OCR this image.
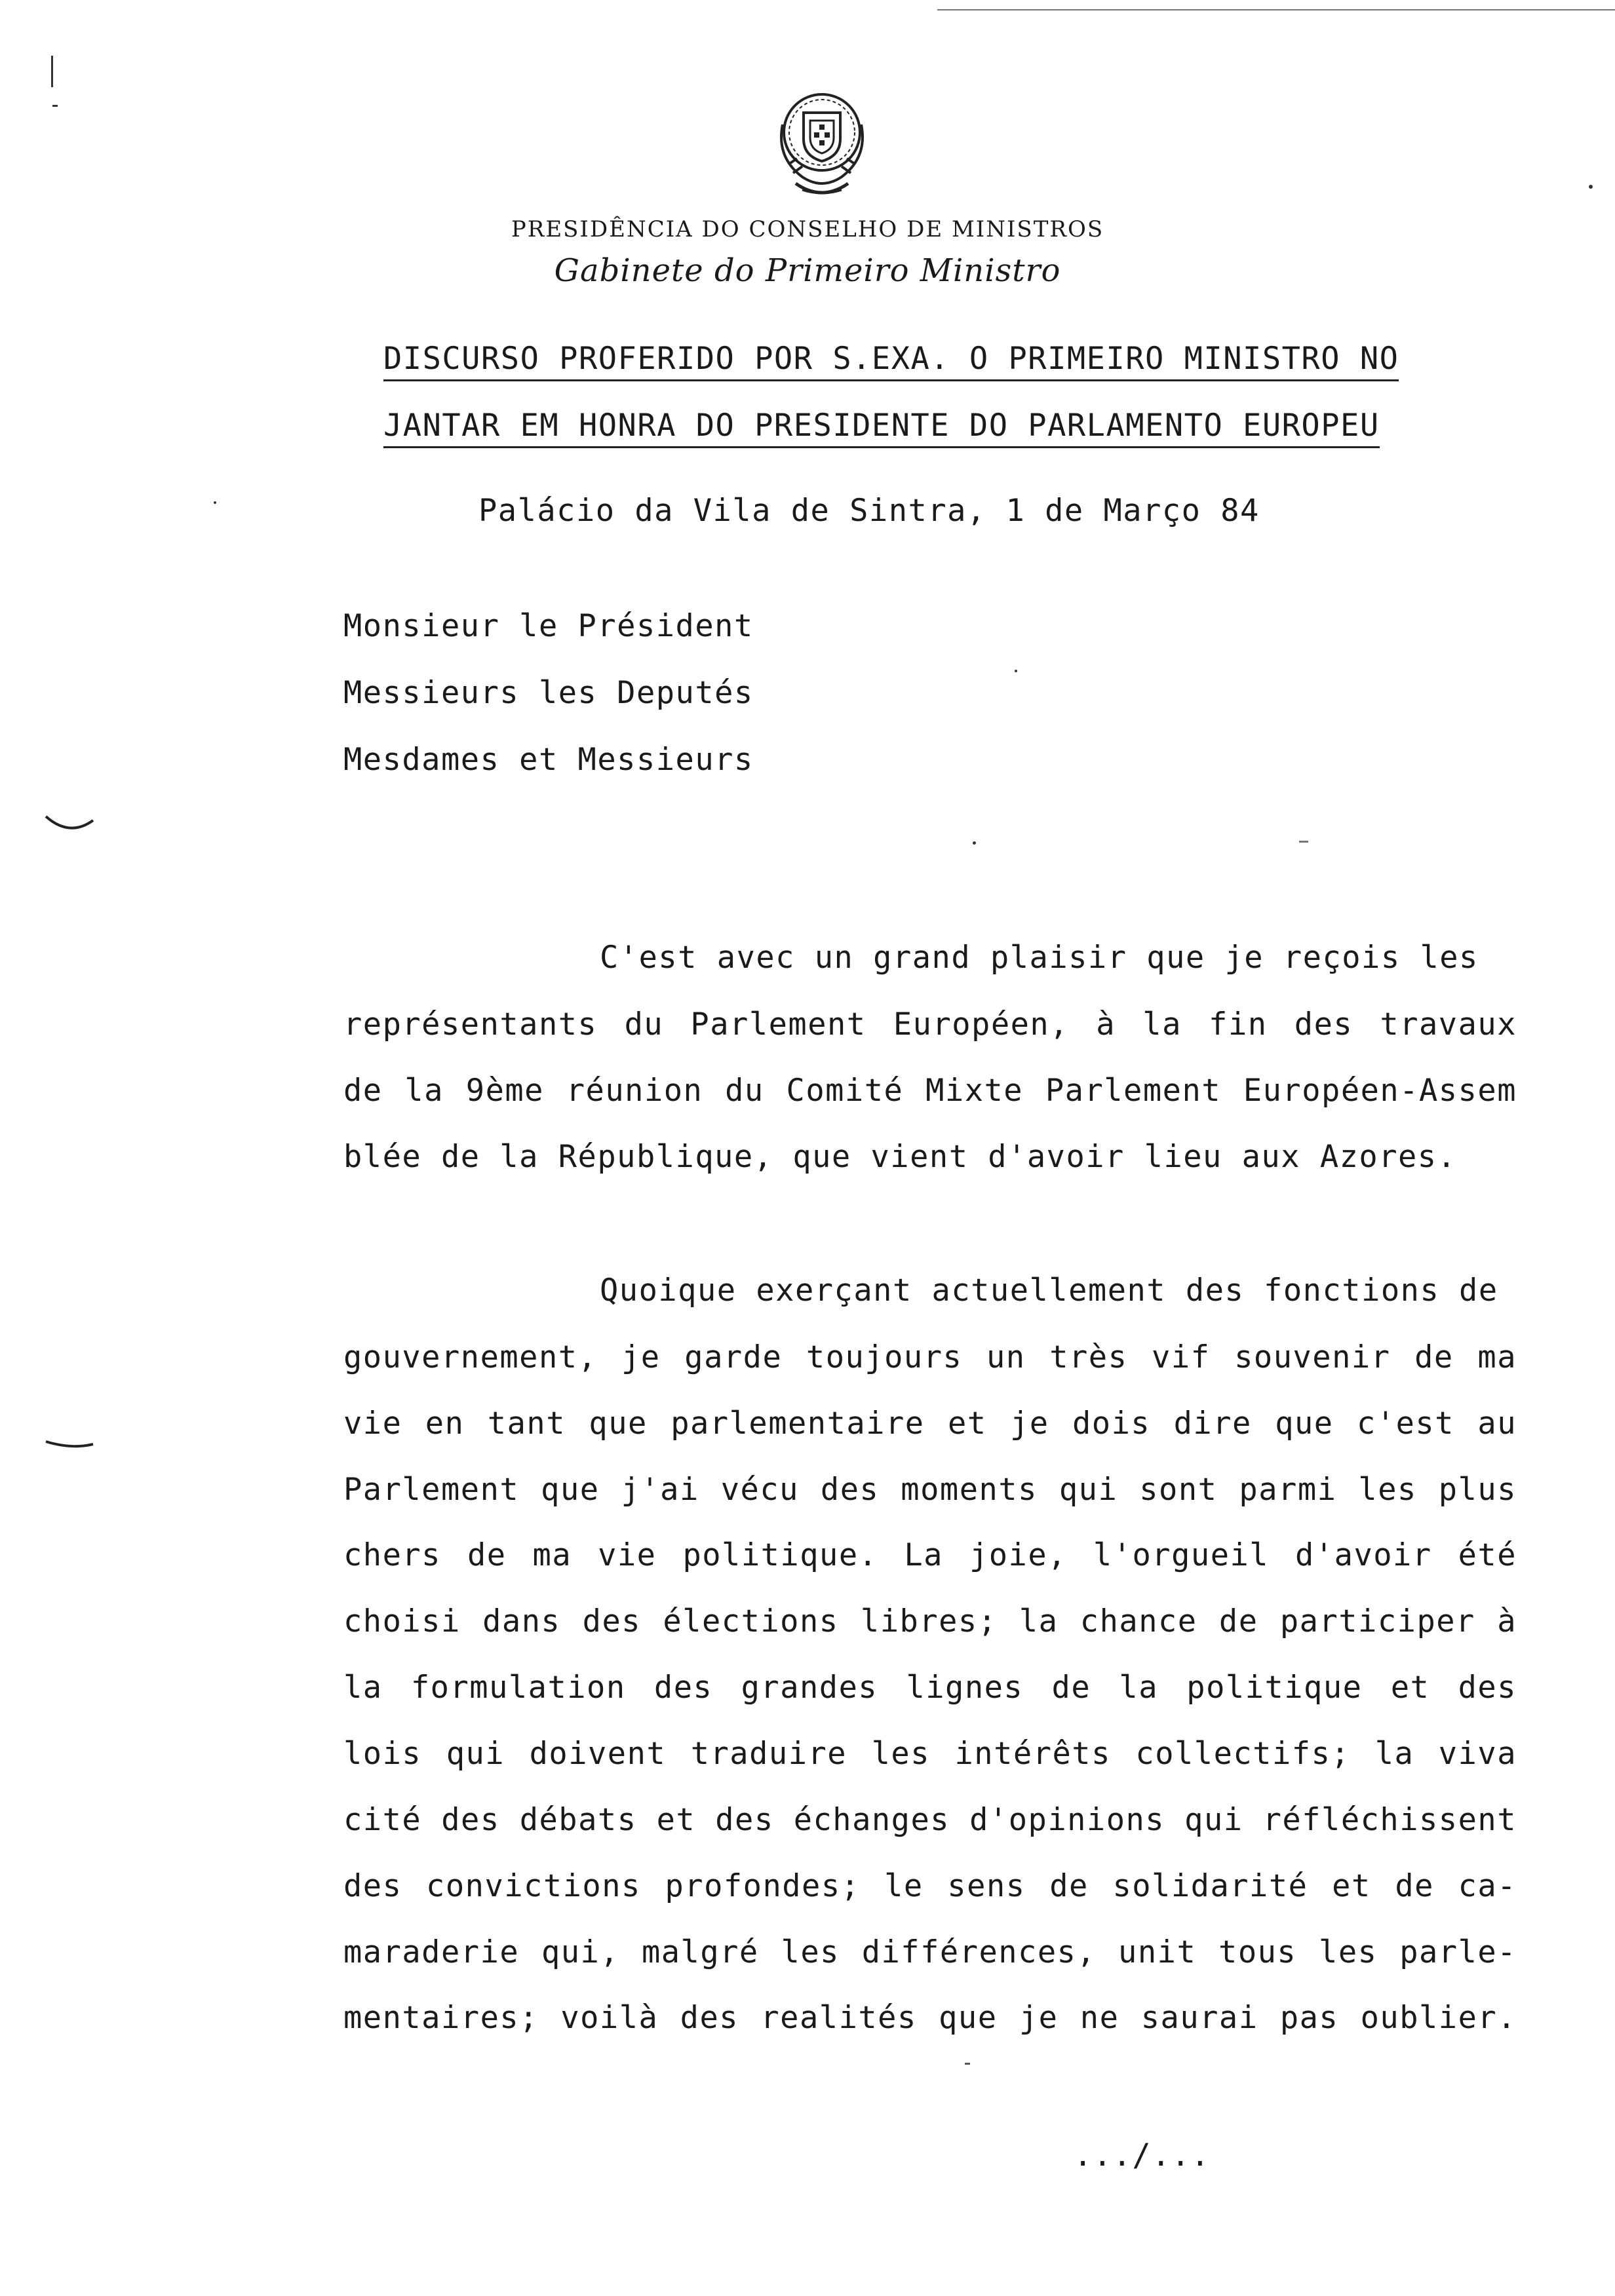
PRESIDÊNCIA DO CONSELHO DE MINISTROS
Gabinete do Primeiro Ministro
DISCURSO PROFERIDO POR S.EXA. O PRIMEIRO MINISTRO NO
JANTAR EM HONRA DO PRESIDENTE DO PARLAMENTO EUROPEU
Palácio da Vila de Sintra, 1 de Março 84
Monsieur le Président
Messieurs les Deputés
Mesdames et Messieurs
C'est avec un grand plaisir que je reçois les
représentants du Parlement Européen, à la fin des travaux
de la 9ème réunion du Comité Mixte Parlement Européen-Assem
blée de la République, que vient d'avoir lieu aux Azores.
Quoique exerçant actuellement des fonctions de
gouvernement, je garde toujours un très vif souvenir de ma
vie en tant que parlementaire et je dois dire que c'est au
Parlement que j'ai vécu des moments qui sont parmi les plus
chers de ma vie politique. La joie, l'orgueil d'avoir été
choisi dans des élections libres; la chance de participer à
la formulation des grandes lignes de la politique et des
lois qui doivent traduire les intérêts collectifs; la viva
cité des débats et des échanges d'opinions qui réfléchissent
des convictions profondes; le sens de solidarité et de ca-
maraderie qui, malgré les différences, unit tous les parle-
mentaires; voilà des realités que je ne saurai pas oublier.
.../...
